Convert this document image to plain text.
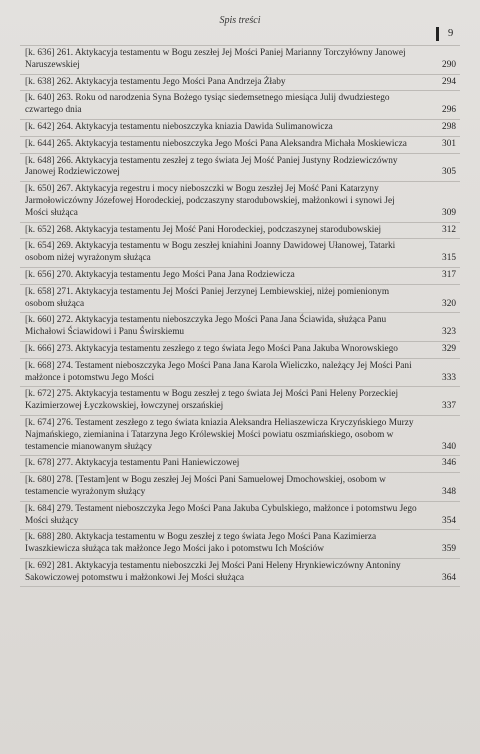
Spis treści
9
[k. 636] 261. Aktykacyja testamentu w Bogu zeszłej Jej Mości Paniej Marianny Torczyłówny Janowej Naruszewskiej	290
[k. 638] 262. Aktykacyja testamentu Jego Mości Pana Andrzeja Żłaby	294
[k. 640] 263. Roku od narodzenia Syna Bożego tysiąc siedemsetnego miesiąca Julij dwudziestego czwartego dnia	296
[k. 642] 264. Aktykacyja testamentu nieboszczyka kniazia Dawida Sulimanowicza	298
[k. 644] 265. Aktykacyja testamentu nieboszczyka Jego Mości Pana Aleksandra Michała Moskiewicza	301
[k. 648] 266. Aktykacyja testamentu zeszłej z tego świata Jej Mość Paniej Justyny Rodziewiczówny Janowej Rodziewiczowej	305
[k. 650] 267. Aktykacyja regestru i mocy nieboszczki w Bogu zeszłej Jej Mość Pani Katarzyny Jarmołowiczówny Józefowej Horodeckiej, podczaszyny starodubowskiej, małżonkowi i synowi Jej Mości służąca	309
[k. 652] 268. Aktykacyja testamentu Jej Mość Pani Horodeckiej, podczaszynej starodubowskiej	312
[k. 654] 269. Aktykacyja testamentu w Bogu zeszłej kniahini Joanny Dawidowej Ułanowej, Tatarki osobom niżej wyrażonym służąca	315
[k. 656] 270. Aktykacyja testamentu Jego Mości Pana Jana Rodziewicza	317
[k. 658] 271. Aktykacyja testamentu Jej Mości Paniej Jerzynej Lembiewskiej, niżej pomienionym osobom służąca	320
[k. 660] 272. Aktykacyja testamentu nieboszczyka Jego Mości Pana Jana Ściawida, służąca Panu Michałowi Ściawidowi i Panu Świrskiemu	323
[k. 666] 273. Aktykacyja testamentu zeszłego z tego świata Jego Mości Pana Jakuba Wnorowskiego	329
[k. 668] 274. Testament nieboszczyka Jego Mości Pana Jana Karola Wieliczko, należący Jej Mości Pani małżonce i potomstwu Jego Mości	333
[k. 672] 275. Aktykacyja testamentu w Bogu zeszłej z tego świata Jej Mości Pani Heleny Porzeckiej Kazimierzowej Łyczkowskiej, łowczynej orszańskiej	337
[k. 674] 276. Testament zeszłego z tego świata kniazia Aleksandra Heliaszewicza Kryczyńskiego Murzy Najmańskiego, ziemianina i Tatarzyna Jego Królewskiej Mości powiatu oszmiańskiego, osobom w testamencie mianowanym służący	340
[k. 678] 277. Aktykacyja testamentu Pani Haniewiczowej	346
[k. 680] 278. [Testam]ent w Bogu zeszłej Jej Mości Pani Samuelowej Dmochowskiej, osobom w testamencie wyrażonym służący	348
[k. 684] 279. Testament nieboszczyka Jego Mości Pana Jakuba Cybulskiego, małżonce i potomstwu Jego Mości służący	354
[k. 688] 280. Aktykacja testamentu w Bogu zeszłej z tego świata Jego Mości Pana Kazimierza Iwaszkiewicza służąca tak małżonce Jego Mości jako i potomstwu Ich Mościów	359
[k. 692] 281. Aktykacyja testamentu nieboszczki Jej Mości Pani Heleny Hrynkiewiczówny Antoniny Sakowiczowej potomstwu i małżonkowi Jej Mości służąca	364
